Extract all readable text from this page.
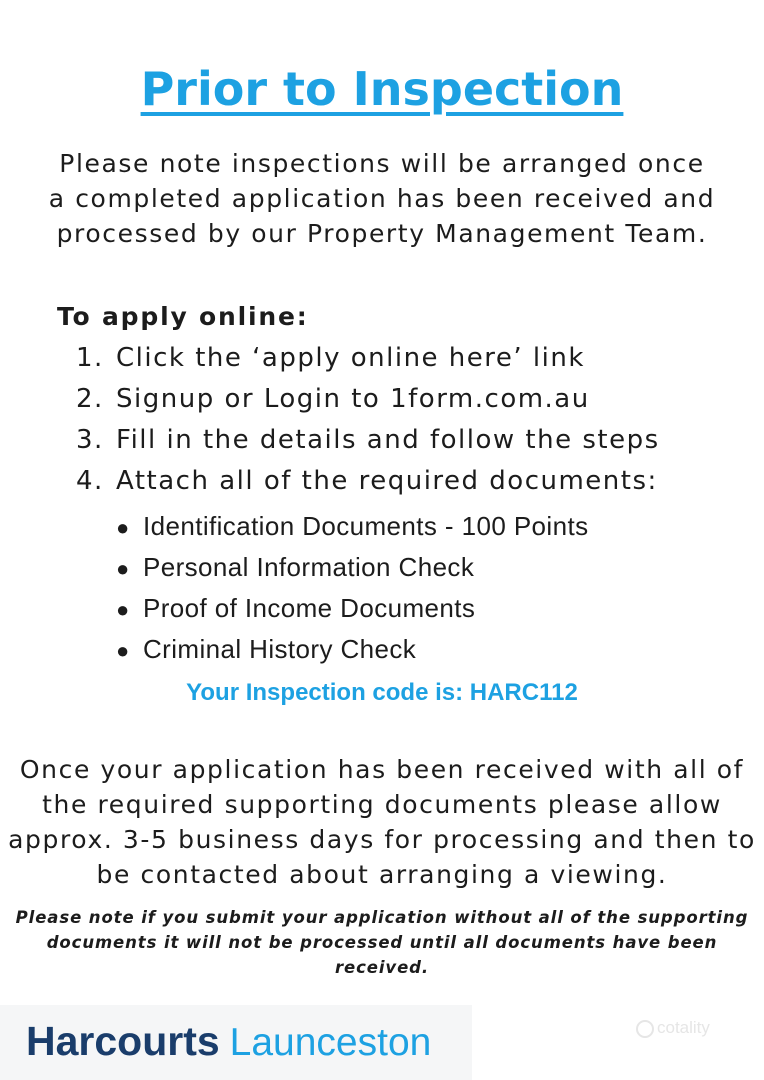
Prior to Inspection
Please note inspections will be arranged once
a completed application has been received and
processed by our Property Management Team.
To apply online:
1. Click the ‘apply online here’ link
2. Signup or Login to 1form.com.au
3. Fill in the details and follow the steps
4. Attach all of the required documents:
● Identification Documents - 100 Points
● Personal Information Check
● Proof of Income Documents
● Criminal History Check
Your Inspection code is: HARC112
Once your application has been received with all of
the required supporting documents please allow
approx. 3-5 business days for processing and then to
be contacted about arranging a viewing.
Please note if you submit your application without all of the supporting
documents it will not be processed until all documents have been
received.
Harcourts Launceston	cotality
